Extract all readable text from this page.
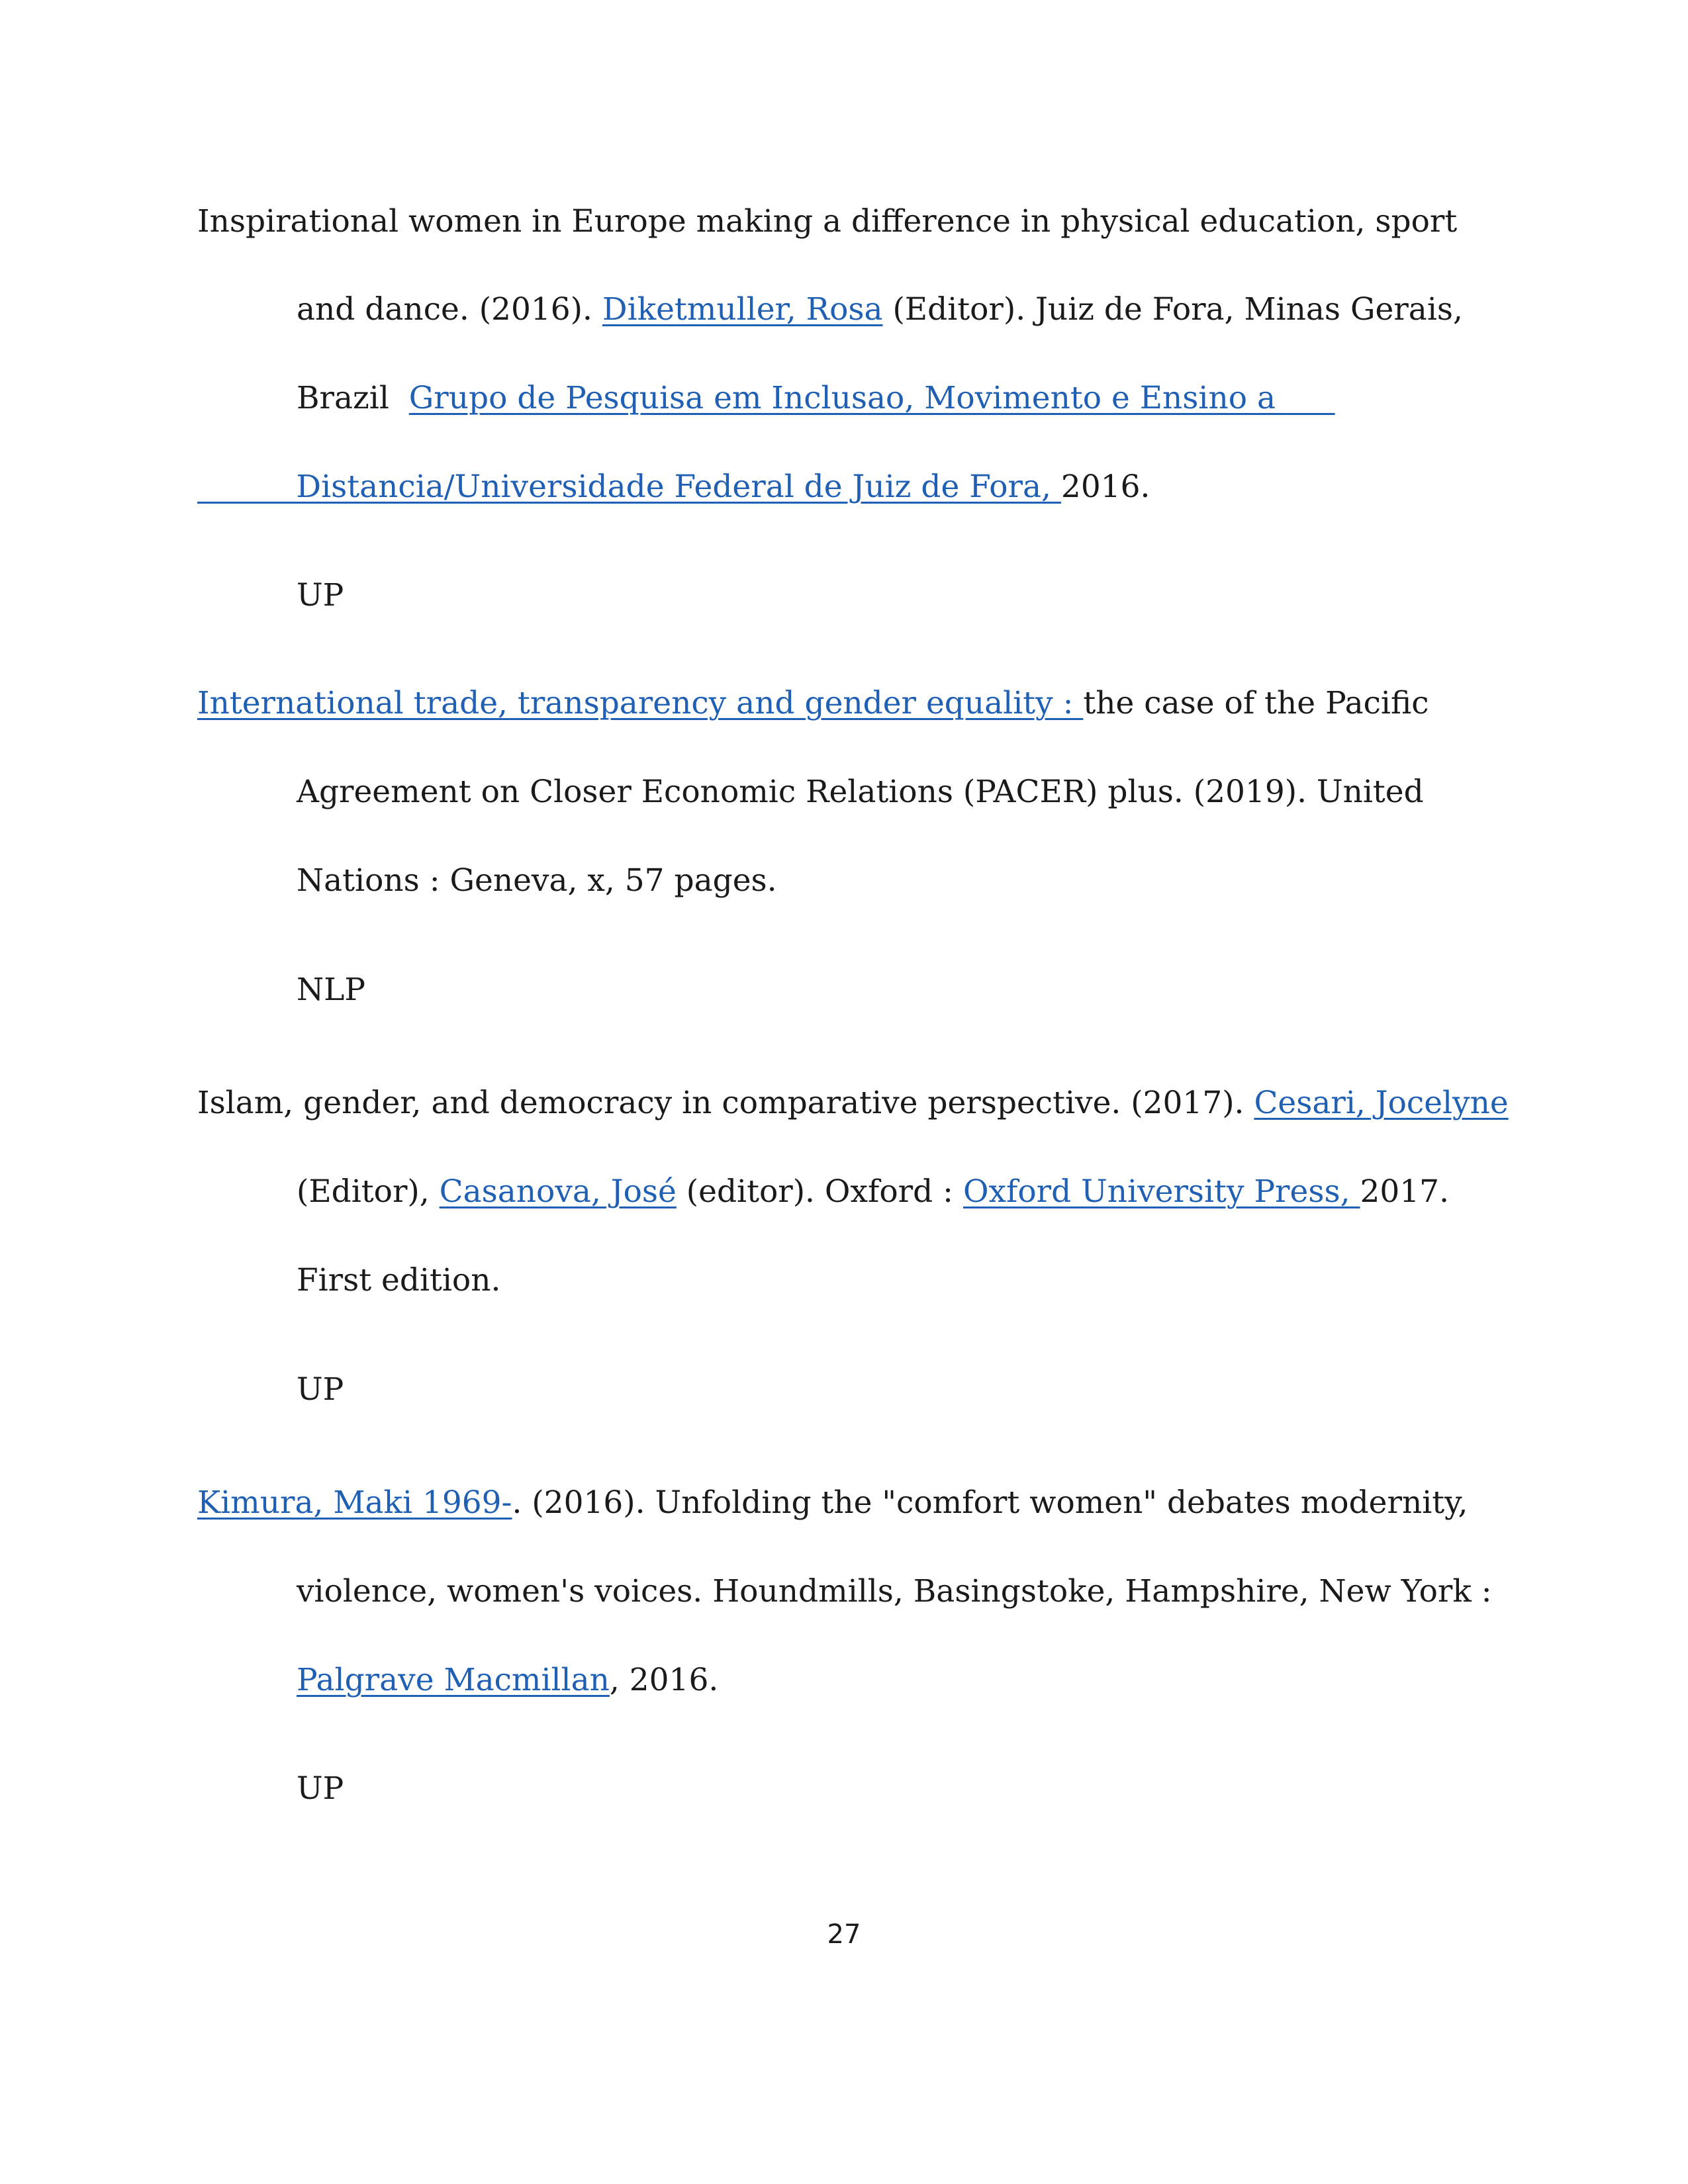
Inspirational women in Europe making a difference in physical education, sport
and dance. (2016). Diketmuller, Rosa (Editor). Juiz de Fora, Minas Gerais,
Brazil  Grupo de Pesquisa em Inclusao, Movimento e Ensino a
Distancia/Universidade Federal de Juiz de Fora, 2016.
UP
International trade, transparency and gender equality : the case of the Pacific
Agreement on Closer Economic Relations (PACER) plus. (2019). United
Nations : Geneva, x, 57 pages.
NLP
Islam, gender, and democracy in comparative perspective. (2017). Cesari, Jocelyne
(Editor), Casanova, José (editor). Oxford : Oxford University Press, 2017.
First edition.
UP
Kimura, Maki 1969-. (2016). Unfolding the "comfort women" debates modernity,
violence, women's voices. Houndmills, Basingstoke, Hampshire, New York :
Palgrave Macmillan, 2016.
UP
27
